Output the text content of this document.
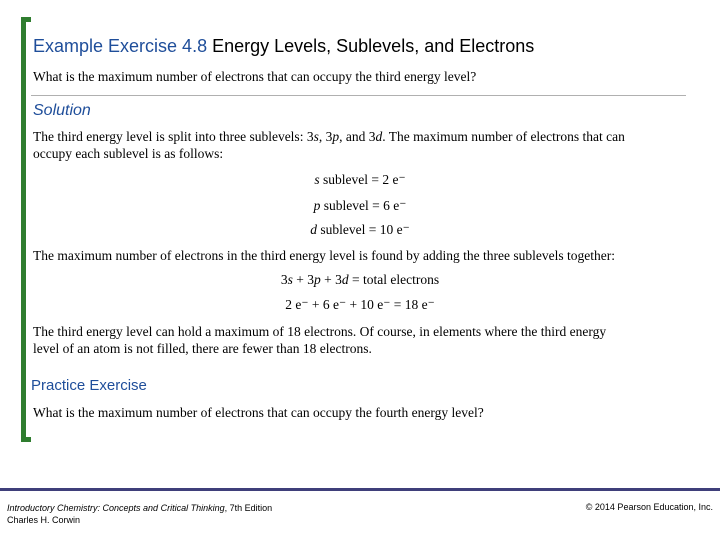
Example Exercise 4.8 Energy Levels, Sublevels, and Electrons
What is the maximum number of electrons that can occupy the third energy level?
Solution
The third energy level is split into three sublevels: 3s, 3p, and 3d. The maximum number of electrons that can occupy each sublevel is as follows:
s sublevel = 2 e⁻
p sublevel = 6 e⁻
d sublevel = 10 e⁻
The maximum number of electrons in the third energy level is found by adding the three sublevels together:
3s + 3p + 3d = total electrons
2 e⁻ + 6 e⁻ + 10 e⁻ = 18 e⁻
The third energy level can hold a maximum of 18 electrons. Of course, in elements where the third energy level of an atom is not filled, there are fewer than 18 electrons.
Practice Exercise
What is the maximum number of electrons that can occupy the fourth energy level?
Introductory Chemistry: Concepts and Critical Thinking, 7th Edition
Charles H. Corwin
© 2014 Pearson Education, Inc.
